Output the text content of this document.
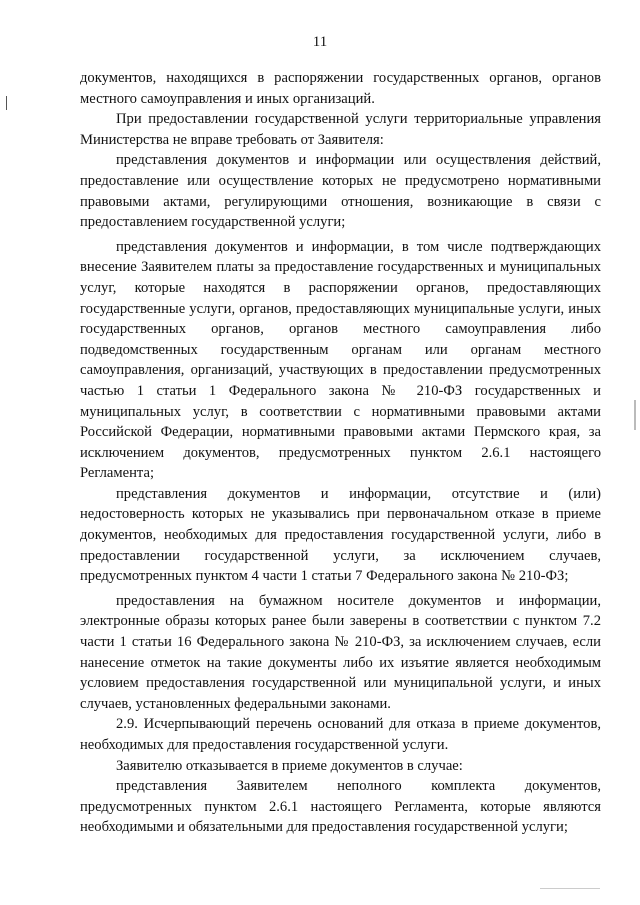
11

документов, находящихся в распоряжении государственных органов, органов местного самоуправления и иных организаций.

При предоставлении государственной услуги территориальные управления Министерства не вправе требовать от Заявителя:

представления документов и информации или осуществления действий, предоставление или осуществление которых не предусмотрено нормативными правовыми актами, регулирующими отношения, возникающие в связи с предоставлением государственной услуги;

представления документов и информации, в том числе подтверждающих внесение Заявителем платы за предоставление государственных и муниципальных услуг, которые находятся в распоряжении органов, предоставляющих государственные услуги, органов, предоставляющих муниципальные услуги, иных государственных органов, органов местного самоуправления либо подведомственных государственным органам или органам местного самоуправления, организаций, участвующих в предоставлении предусмотренных частью 1 статьи 1 Федерального закона № 210-ФЗ государственных и муниципальных услуг, в соответствии с нормативными правовыми актами Российской Федерации, нормативными правовыми актами Пермского края, за исключением документов, предусмотренных пунктом 2.6.1 настоящего Регламента;

представления документов и информации, отсутствие и (или) недостоверность которых не указывались при первоначальном отказе в приеме документов, необходимых для предоставления государственной услуги, либо в предоставлении государственной услуги, за исключением случаев, предусмотренных пунктом 4 части 1 статьи 7 Федерального закона № 210-ФЗ;

предоставления на бумажном носителе документов и информации, электронные образы которых ранее были заверены в соответствии с пунктом 7.2 части 1 статьи 16 Федерального закона № 210-ФЗ, за исключением случаев, если нанесение отметок на такие документы либо их изъятие является необходимым условием предоставления государственной или муниципальной услуги, и иных случаев, установленных федеральными законами.

2.9. Исчерпывающий перечень оснований для отказа в приеме документов, необходимых для предоставления государственной услуги.

Заявителю отказывается в приеме документов в случае:

представления Заявителем неполного комплекта документов, предусмотренных пунктом 2.6.1 настоящего Регламента, которые являются необходимыми и обязательными для предоставления государственной услуги;
